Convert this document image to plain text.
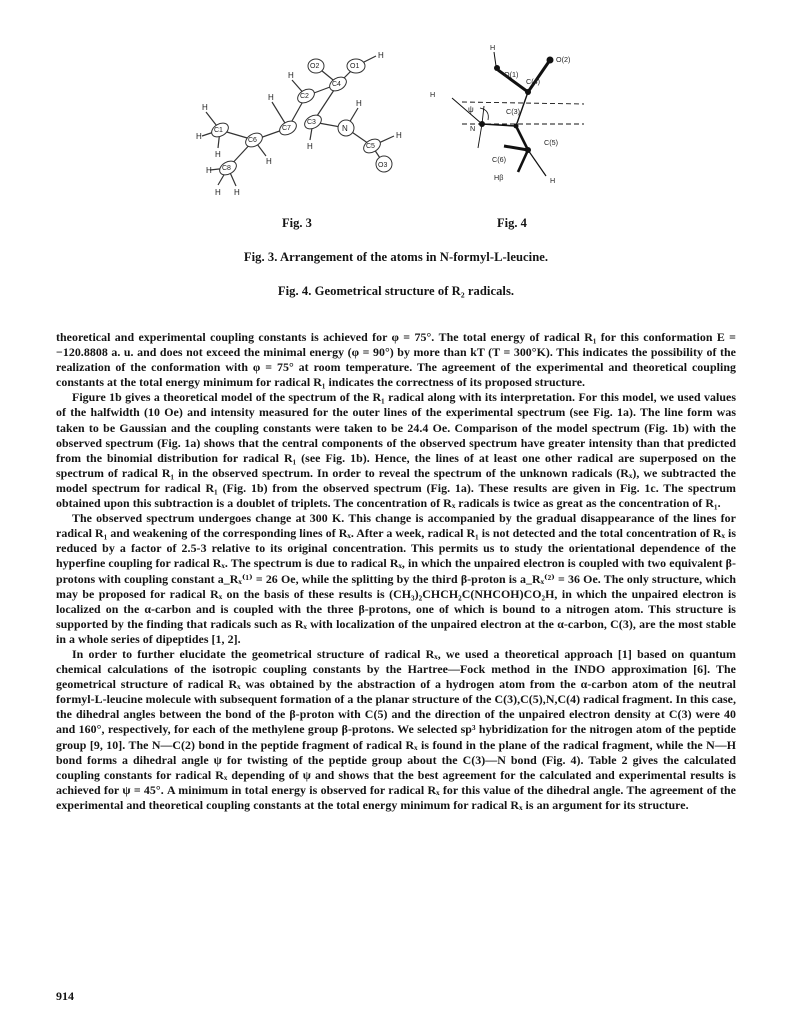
C1
C6
C8
C7
C2
C4
O1
O2
C3
N
C5
O3
H
H
H
H
H H
H
H
H
H
H
H
H
Fig. 3
H
O(2)
O(1)
C(4)
H
ψ	C(3)
N
C(5)
C(6)
Hβ	H
Fig. 4
Fig. 3. Arrangement of the atoms in N-formyl-L-leucine.
Fig. 4. Geometrical structure of R₂ radicals.

theoretical and experimental coupling constants is achieved for φ = 75°. The total energy of radical R₁ for this conformation E = −120.8808 a. u. and does not exceed the minimal energy (φ = 90°) by more than kT (T = 300°K). This indicates the possibility of the realization of the conformation with φ = 75° at room temperature. The agreement of the experimental and theoretical coupling constants at the total energy minimum for radical R₁ indicates the correctness of its proposed structure.

Figure 1b gives a theoretical model of the spectrum of the R₁ radical along with its interpretation. For this model, we used values of the halfwidth (10 Oe) and intensity measured for the outer lines of the experimental spectrum (see Fig. 1a). The line form was taken to be Gaussian and the coupling constants were taken to be 24.4 Oe. Comparison of the model spectrum (Fig. 1b) with the observed spectrum (Fig. 1a) shows that the central components of the observed spectrum have greater intensity than that predicted from the binomial distribution for radical R₁ (see Fig. 1b). Hence, the lines of at least one other radical are superposed on the spectrum of radical R₁ in the observed spectrum. In order to reveal the spectrum of the unknown radicals (Rₓ), we subtracted the model spectrum for radical R₁ (Fig. 1b) from the observed spectrum (Fig. 1a). These results are given in Fig. 1c. The spectrum obtained upon this subtraction is a doublet of triplets. The concentration of Rₓ radicals is twice as great as the concentration of R₁.

The observed spectrum undergoes change at 300 K. This change is accompanied by the gradual disappearance of the lines for radical R₁ and weakening of the corresponding lines of Rₓ. After a week, radical R₁ is not detected and the total concentration of Rₓ is reduced by a factor of 2.5-3 relative to its original concentration. This permits us to study the orientational dependence of the hyperfine coupling for radical Rₓ. The spectrum is due to radical Rₓ, in which the unpaired electron is coupled with two equivalent β-protons with coupling constant a_Rₓ⁽¹⁾ = 26 Oe, while the splitting by the third β-proton is a_Rₓ⁽²⁾ = 36 Oe. The only structure, which may be proposed for radical Rₓ on the basis of these results is (CH₃)₂CHCH₂C(NHCOH)CO₂H, in which the unpaired electron is localized on the α-carbon and is coupled with the three β-protons, one of which is bound to a nitrogen atom. This structure is supported by the finding that radicals such as Rₓ with localization of the unpaired electron at the α-carbon, C(3), are the most stable in a whole series of dipeptides [1, 2].

In order to further elucidate the geometrical structure of radical Rₓ, we used a theoretical approach [1] based on quantum chemical calculations of the isotropic coupling constants by the Hartree—Fock method in the INDO approximation [6]. The geometrical structure of radical Rₓ was obtained by the abstraction of a hydrogen atom from the α-carbon atom of the neutral formyl-L-leucine molecule with subsequent formation of a the planar structure of the C(3),C(5),N,C(4) radical fragment. In this case, the dihedral angles between the bond of the β-proton with C(5) and the direction of the unpaired electron density at C(3) were 40 and 160°, respectively, for each of the methylene group β-protons. We selected sp³ hybridization for the nitrogen atom of the peptide group [9, 10]. The N—C(2) bond in the peptide fragment of radical Rₓ is found in the plane of the radical fragment, while the N—H bond forms a dihedral angle ψ for twisting of the peptide group about the C(3)—N bond (Fig. 4). Table 2 gives the calculated coupling constants for radical Rₓ depending of ψ and shows that the best agreement for the calculated and experimental results is achieved for ψ = 45°. A minimum in total energy is observed for radical Rₓ for this value of the dihedral angle. The agreement of the experimental and theoretical coupling constants at the total energy minimum for radical Rₓ is an argument for its structure.

914
